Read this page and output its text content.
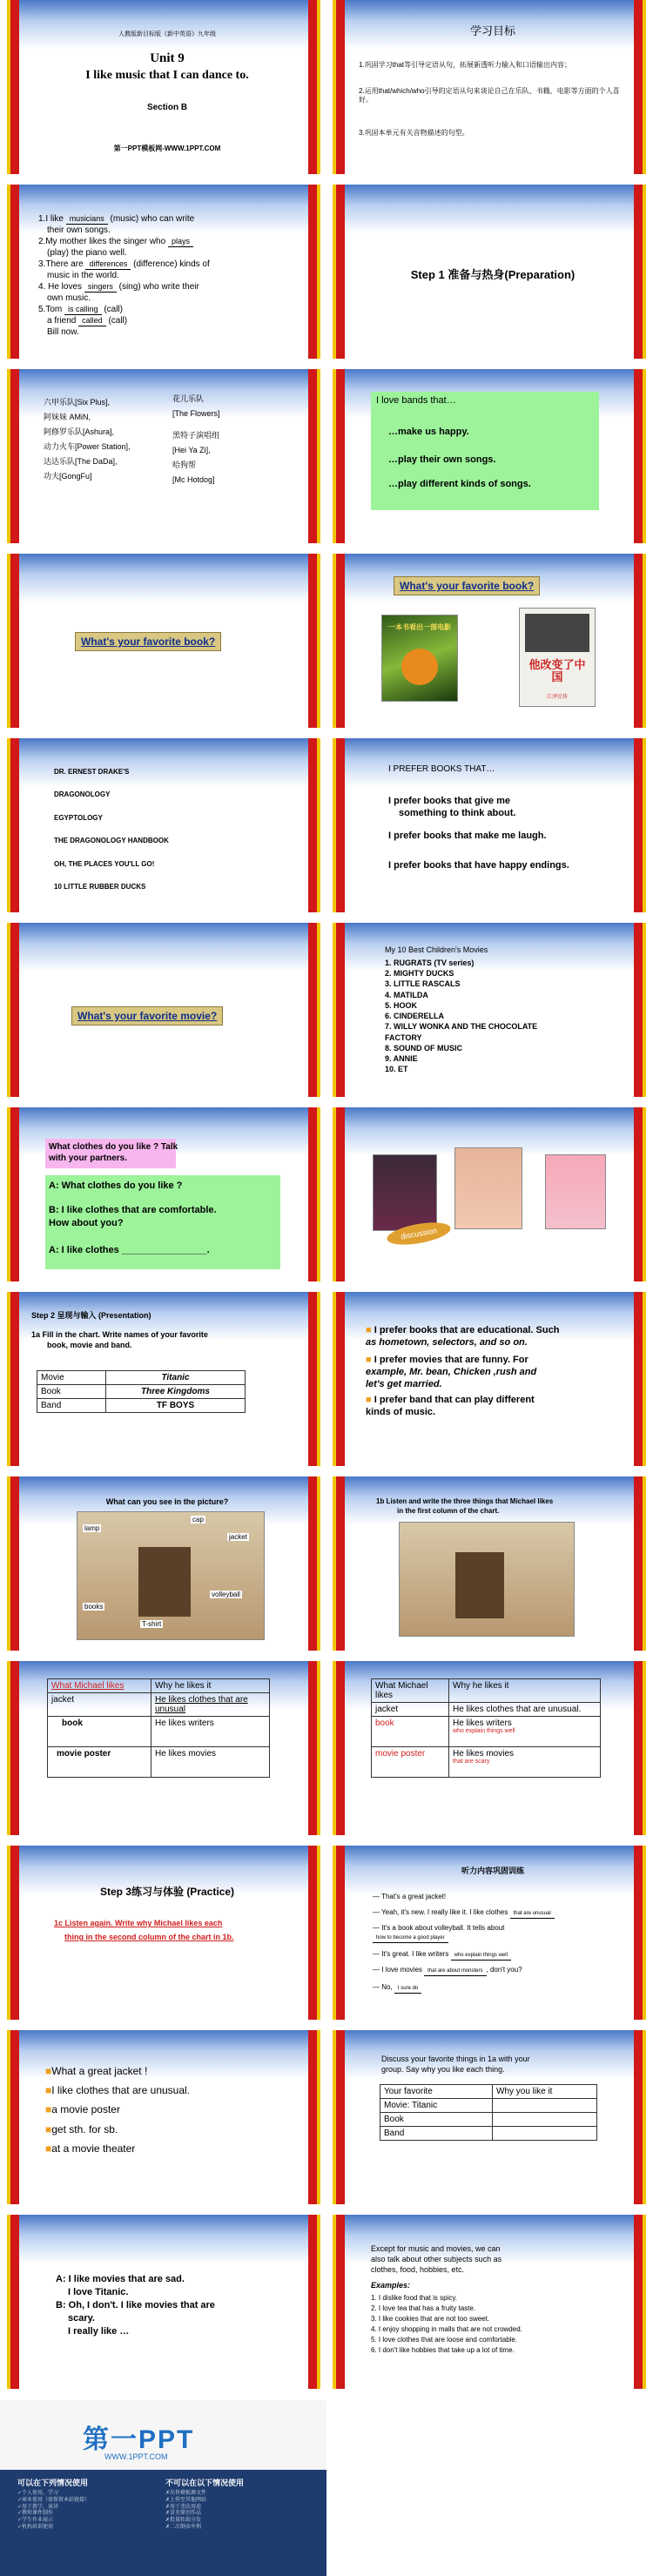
人教版新目标版《新中英语》九年级
Unit 9
I like music that I can dance to.
Section B
第一PPT模板网-WWW.1PPT.COM
学习目标
1.巩固学习that等引导定语从句，拓展新透听力输入和口语输出内容；
2.运用that/which/who引导的定语从句来谈论自己在乐队、书籍，电影等方面的个人喜好。
3.巩固本单元有关音物描述的句型。
1.I like musicians (music) who can write
their own songs.
2.My mother likes the singer who plays
(play) the piano well.
3.There are differences (difference) kinds of
music in the world.
4. He loves singers (sing) who write their
own music.
5.Tom is calling (call)
a friend called (call)
Bill now.
Step 1 准备与热身(Preparation)
六甲乐队[Six Plus],
阿妹妹 AMiN,
阿修罗乐队[Ashura],
动力火车[Power Station],
达达乐队[The DaDa],
功夫[GongFu]
花儿乐队
[The Flowers]
黑特子演唱组
[Hei Ya Zi],
哈狗帮
[Mc Hotdog]
I love bands that…
…make us happy.
…play their own songs.
…play different kinds of songs.
What's your favorite book?
What's your favorite book?
一本书看出一部电影
他改变了中国
江泽民传
DR. ERNEST DRAKE'S
DRAGONOLOGY
EGYPTOLOGY
THE DRAGONOLOGY HANDBOOK
OH, THE PLACES YOU'LL GO!
10 LITTLE RUBBER DUCKS
I PREFER BOOKS THAT…
I prefer books that give me
something to think about.
I prefer books that make me laugh.
I prefer books that have happy endings.
What's your favorite movie?
My 10 Best Children's Movies
1. RUGRATS (TV series)
2. MIGHTY DUCKS
3. LITTLE RASCALS
4. MATILDA
5. HOOK
6. CINDERELLA
7. WILLY WONKA AND THE CHOCOLATE
FACTORY
8. SOUND OF MUSIC
9. ANNIE
10. ET
What clothes do you like ? Talk
with your partners.
A: What clothes do you like ?
B: I like clothes that are comfortable.
How about you?
A: I like clothes ________________.
discussion
Step 2 呈现与输入 (Presentation)
1a Fill in the chart. Write names of your favorite
book, movie and band.
Movie	Titanic
Book	Three Kingdoms
Band	TF BOYS
■ I prefer books that are educational. Such
as hometown, selectors, and so on.
■ I prefer movies that are funny. For
example, Mr. bean, Chicken ,rush and
let's get married.
■ I prefer band that can play different
kinds of music.
What can you see in the picture?
lamp
cap
jacket
books
T-shirt
volleyball
1b Listen and write the three things that Michael likes
in the first column of the chart.
What Michael likes	Why he likes it
jacket	He likes clothes that are unusual
book	He likes writers
movie poster	He likes movies
What Michael likes	Why he likes it
jacket	He likes clothes that are unusual.
book	He likes writers
who explain things well

movie poster	He likes movies
that are scary
Step 3练习与体验 (Practice)
1c Listen again. Write why Michael likes each
thing in the second column of the chart in 1b.
听力内容巩固训练
— That's a great jacket!
— Yeah, it's new. I really like it. I like clothes that are unusual
— It's a book about volleyball. It tells about
how to become a good player
— It's great. I like writers who explain things well
— I love movies that are about monsters , don't you?
— No, I sure do
■What a great jacket !
■I like clothes that are unusual.
■a movie poster
■get sth. for sb.
■at a movie theater
Discuss your favorite things in 1a with your
group. Say why you like each thing.
Your favorite	Why you like it
Movie: Titanic	
Book	
Band	
A: I like movies that are sad.
I love Titanic.
B: Oh, I don't. I like movies that are
scary.
I really like …
Except for music and movies, we can
also talk about other subjects such as
clothes, food, hobbies, etc.
Examples:
1. I dislike food that is spicy.
2. I love tea that has a fruity taste.
3. I like cookies that are not too sweet.
4. I enjoy shopping in malls that are not crowded.
5. I love clothes that are loose and comfortable.
6. I don't like hobbies that take up a lot of time.
第一PPT
WWW.1PPT.COM
可以在下列情况使用	不可以在以下情况使用
✓个人使用，学习
✓商业使用（需保留本站链接）
✓用于教学，演讲
✓教师课件制作
✓学生作业展示
✓机构培训使用
✗出售模板源文件
✗上传至其他网站
✗用于违法用途
✗冒充原创作品
✗批量转载分发
✗二次倒卖牟利
